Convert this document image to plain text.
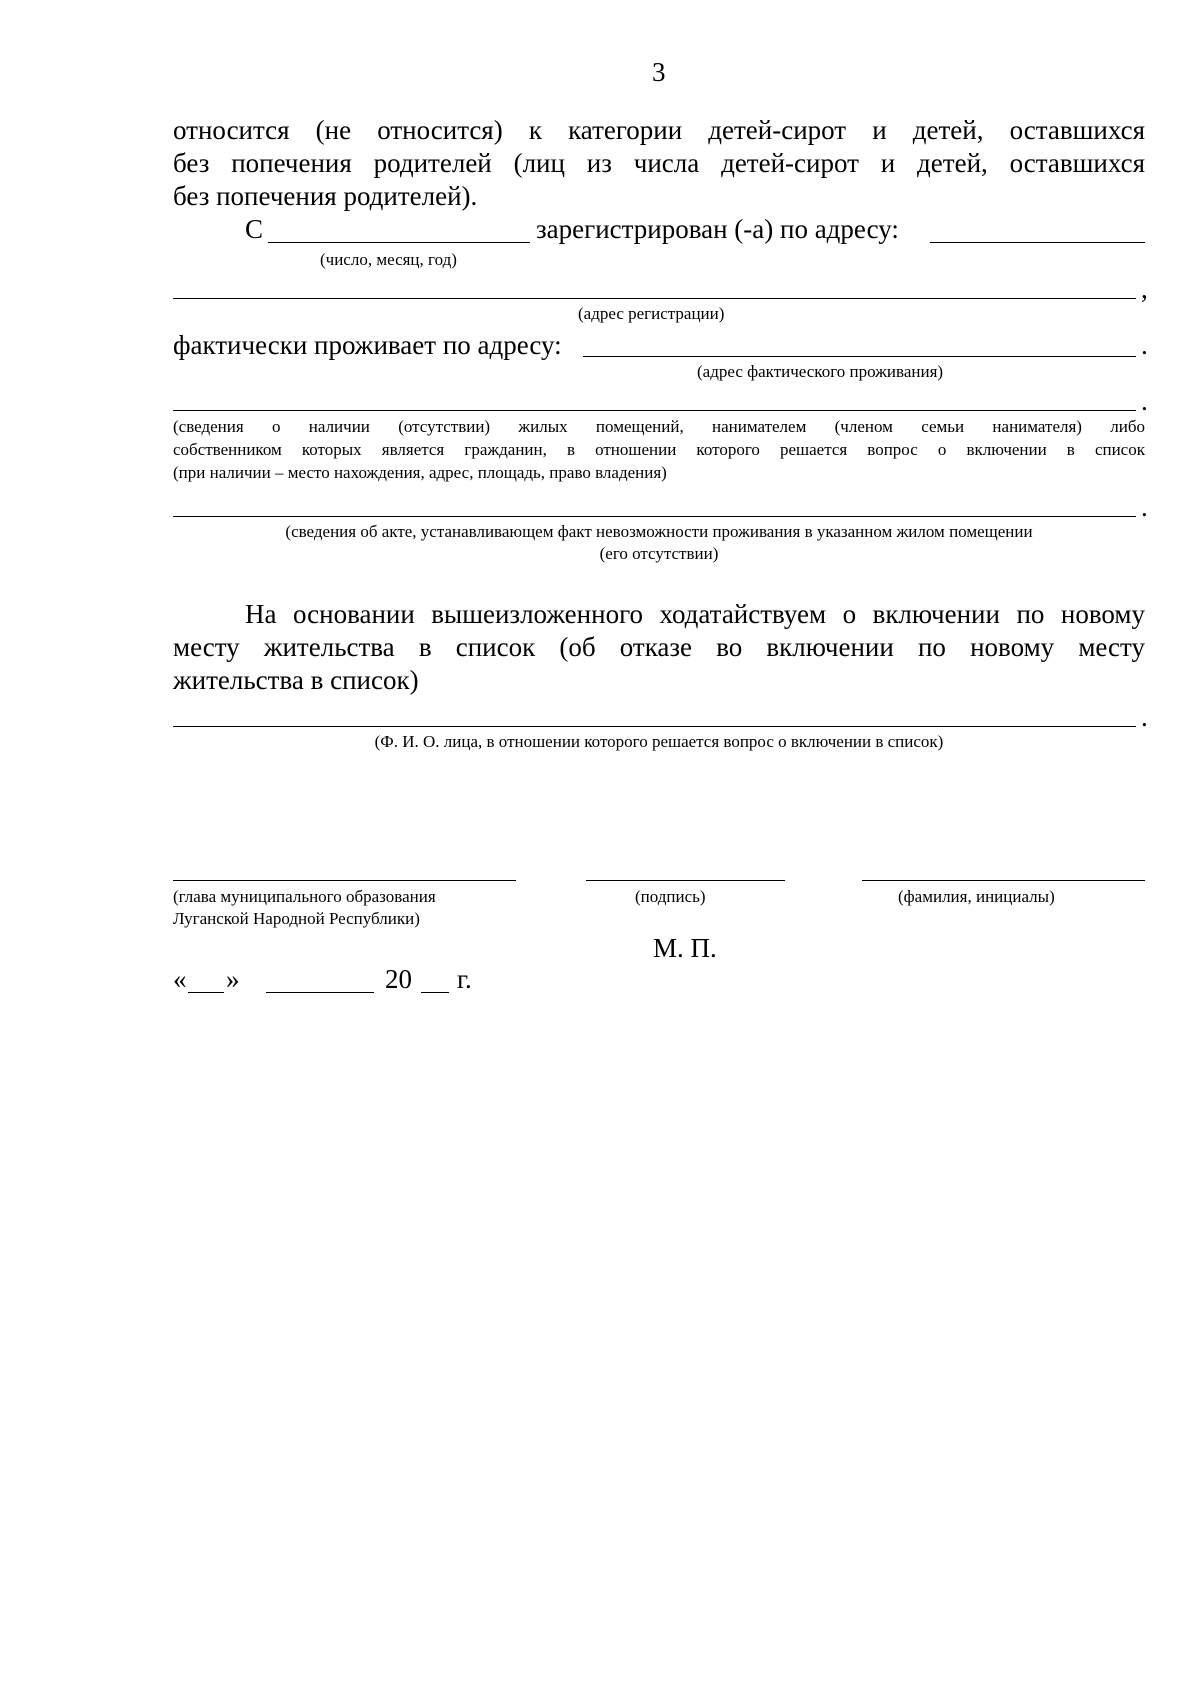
3
относится (не относится) к категории детей-сирот и детей, оставшихся
без попечения родителей (лиц из числа детей-сирот и детей, оставшихся
без попечения родителей).
С	зарегистрирован (-а) по адресу:
(число, месяц, год)
,
(адрес регистрации)
фактически проживает по адресу:	.
(адрес фактического проживания)
.
(сведения о наличии (отсутствии) жилых помещений, нанимателем (членом семьи нанимателя) либо
собственником которых является гражданин, в отношении которого решается вопрос о включении в список
(при наличии – место нахождения, адрес, площадь, право владения)
.
(сведения об акте, устанавливающем факт невозможности проживания в указанном жилом помещении
(его отсутствии)
На основании вышеизложенного ходатайствуем о включении по новому
месту жительства в список (об отказе во включении по новому месту
жительства в список)
.
(Ф. И. О. лица, в отношении которого решается вопрос о включении в список)
(глава муниципального образования
Луганской Народной Республики)
(подпись)	(фамилия, инициалы)
М. П.
« »	20 г.
